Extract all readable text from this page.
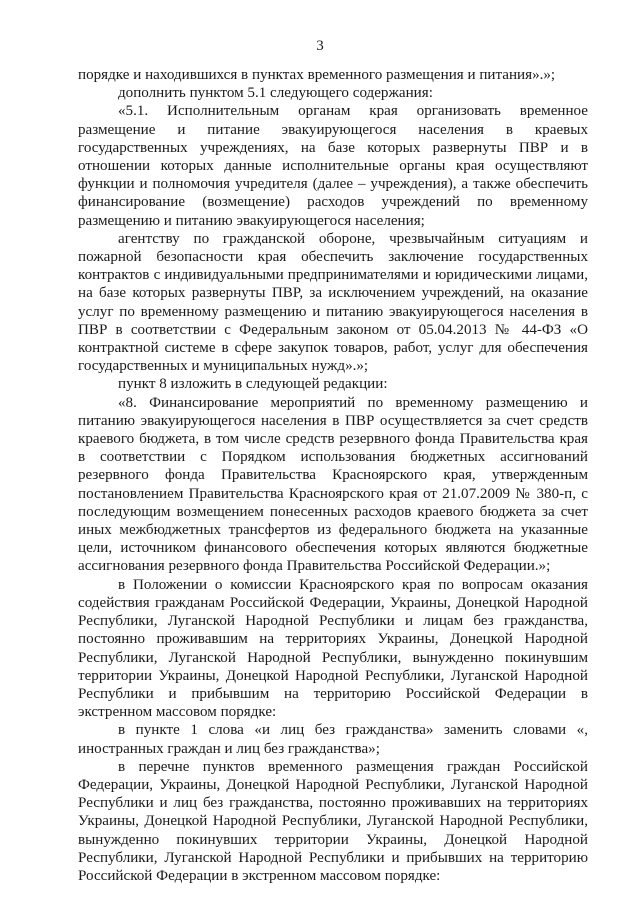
3

порядке и находившихся в пунктах временного размещения и питания».»;

дополнить пунктом 5.1 следующего содержания:

«5.1. Исполнительным органам края организовать временное размещение и питание эвакуирующегося населения в краевых государственных учреждениях, на базе которых развернуты ПВР и в отношении которых данные исполнительные органы края осуществляют функции и полномочия учредителя (далее – учреждения), а также обеспечить финансирование (возмещение) расходов учреждений по временному размещению и питанию эвакуирующегося населения;

агентству по гражданской обороне, чрезвычайным ситуациям и пожарной безопасности края обеспечить заключение государственных контрактов с индивидуальными предпринимателями и юридическими лицами, на базе которых развернуты ПВР, за исключением учреждений, на оказание услуг по временному размещению и питанию эвакуирующегося населения в ПВР в соответствии с Федеральным законом от 05.04.2013 № 44-ФЗ «О контрактной системе в сфере закупок товаров, работ, услуг для обеспечения государственных и муниципальных нужд».»;

пункт 8 изложить в следующей редакции:

«8. Финансирование мероприятий по временному размещению и питанию эвакуирующегося населения в ПВР осуществляется за счет средств краевого бюджета, в том числе средств резервного фонда Правительства края в соответствии с Порядком использования бюджетных ассигнований резервного фонда Правительства Красноярского края, утвержденным постановлением Правительства Красноярского края от 21.07.2009 № 380-п, с последующим возмещением понесенных расходов краевого бюджета за счет иных межбюджетных трансфертов из федерального бюджета на указанные цели, источником финансового обеспечения которых являются бюджетные ассигнования резервного фонда Правительства Российской Федерации.»;

в Положении о комиссии Красноярского края по вопросам оказания содействия гражданам Российской Федерации, Украины, Донецкой Народной Республики, Луганской Народной Республики и лицам без гражданства, постоянно проживавшим на территориях Украины, Донецкой Народной Республики, Луганской Народной Республики, вынужденно покинувшим территории Украины, Донецкой Народной Республики, Луганской Народной Республики и прибывшим на территорию Российской Федерации в экстренном массовом порядке:

в пункте 1 слова «и лиц без гражданства» заменить словами «, иностранных граждан и лиц без гражданства»;

в перечне пунктов временного размещения граждан Российской Федерации, Украины, Донецкой Народной Республики, Луганской Народной Республики и лиц без гражданства, постоянно проживавших на территориях Украины, Донецкой Народной Республики, Луганской Народной Республики, вынужденно покинувших территории Украины, Донецкой Народной Республики, Луганской Народной Республики и прибывших на территорию Российской Федерации в экстренном массовом порядке:
